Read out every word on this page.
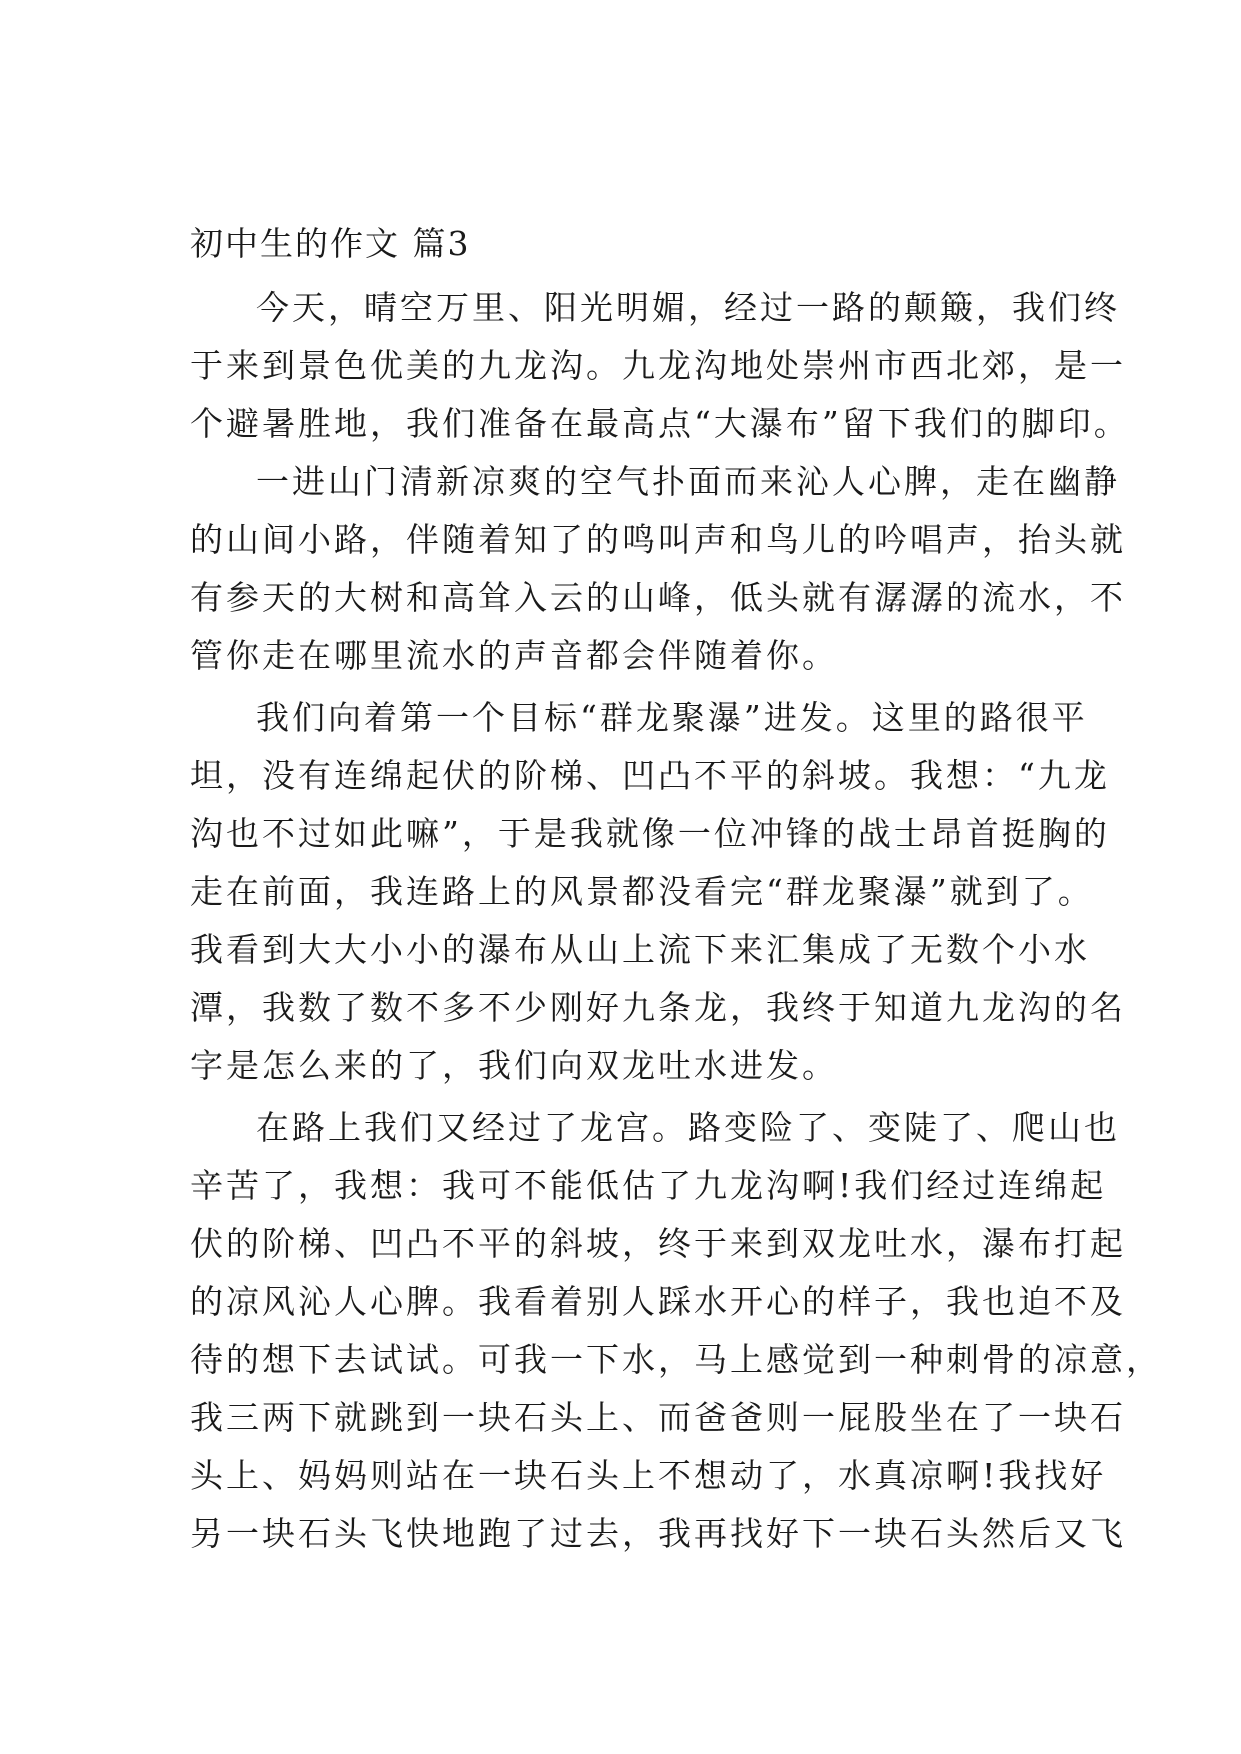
初中生的作文 篇3
今天，晴空万里、阳光明媚，经过一路的颠簸，我们终
于来到景色优美的九龙沟。九龙沟地处崇州市西北郊，是一
个避暑胜地，我们准备在最高点“大瀑布”留下我们的脚印。
一进山门清新凉爽的空气扑面而来沁人心脾，走在幽静
的山间小路，伴随着知了的鸣叫声和鸟儿的吟唱声，抬头就
有参天的大树和高耸入云的山峰，低头就有潺潺的流水，不
管你走在哪里流水的声音都会伴随着你。
我们向着第一个目标“群龙聚瀑”进发。这里的路很平
坦，没有连绵起伏的阶梯、凹凸不平的斜坡。我想：“九龙
沟也不过如此嘛”，于是我就像一位冲锋的战士昂首挺胸的
走在前面，我连路上的风景都没看完“群龙聚瀑”就到了。
我看到大大小小的瀑布从山上流下来汇集成了无数个小水
潭，我数了数不多不少刚好九条龙，我终于知道九龙沟的名
字是怎么来的了，我们向双龙吐水进发。
在路上我们又经过了龙宫。路变险了、变陡了、爬山也
辛苦了，我想：我可不能低估了九龙沟啊!我们经过连绵起
伏的阶梯、凹凸不平的斜坡，终于来到双龙吐水，瀑布打起
的凉风沁人心脾。我看着别人踩水开心的样子，我也迫不及
待的想下去试试。可我一下水，马上感觉到一种刺骨的凉意，
我三两下就跳到一块石头上、而爸爸则一屁股坐在了一块石
头上、妈妈则站在一块石头上不想动了，水真凉啊!我找好
另一块石头飞快地跑了过去，我再找好下一块石头然后又飞
